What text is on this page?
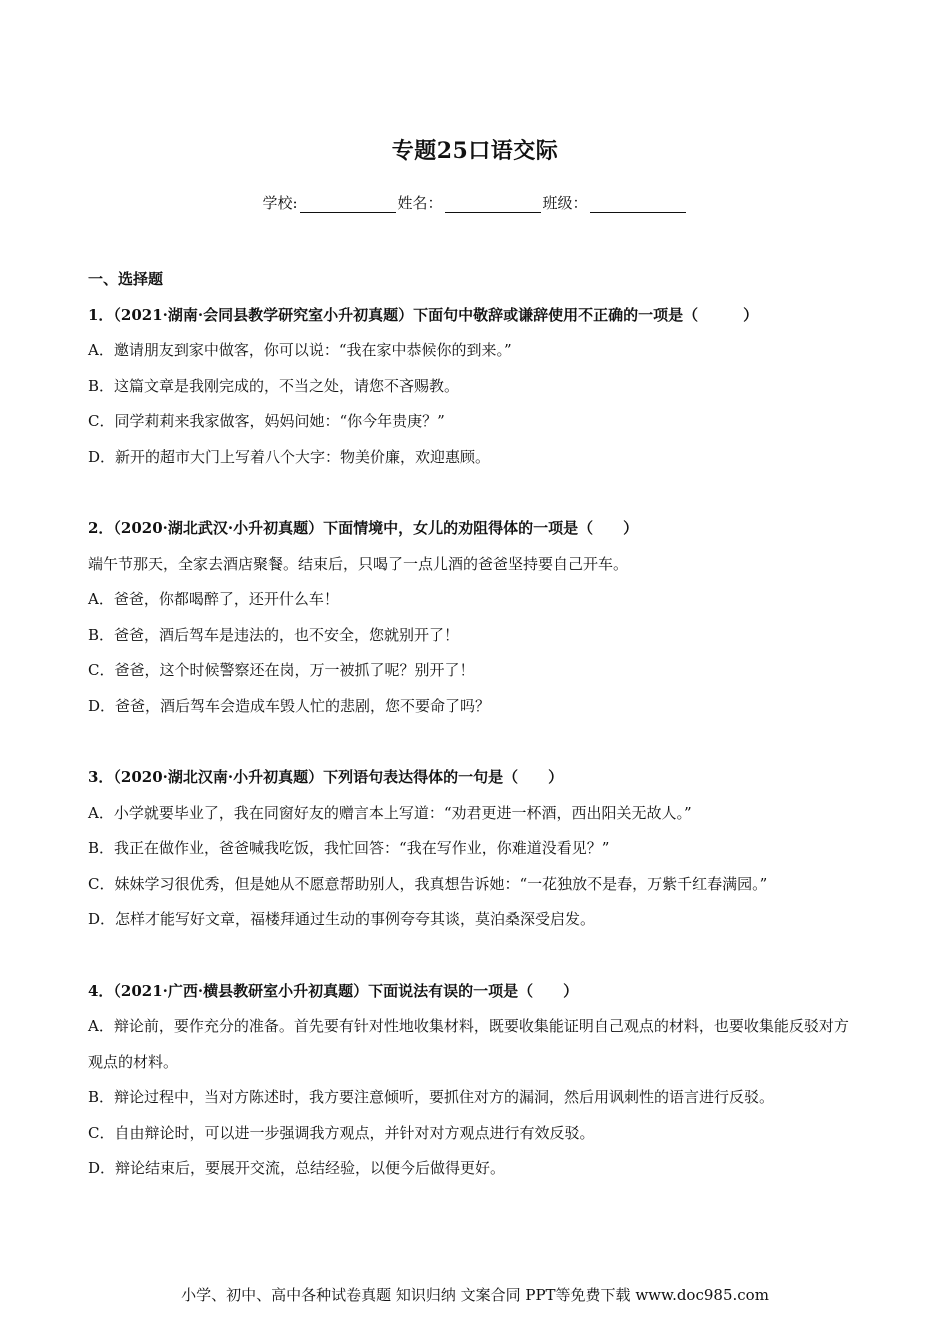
专题25口语交际
学校:	姓名：	班级：
一、选择题
1．（2021·湖南·会同县教学研究室小升初真题）下面句中敬辞或谦辞使用不正确的一项是（　　　）
A．邀请朋友到家中做客，你可以说：“我在家中恭候你的到来。”
B．这篇文章是我刚完成的，不当之处，请您不吝赐教。
C．同学莉莉来我家做客，妈妈问她：“你今年贵庚？”
D．新开的超市大门上写着八个大字：物美价廉，欢迎惠顾。
2．（2020·湖北武汉·小升初真题）下面情境中，女儿的劝阻得体的一项是（　　）
端午节那天，全家去酒店聚餐。结束后，只喝了一点儿酒的爸爸坚持要自己开车。
A．爸爸，你都喝醉了，还开什么车！
B．爸爸，酒后驾车是违法的，也不安全，您就别开了！
C．爸爸，这个时候警察还在岗，万一被抓了呢？别开了！
D．爸爸，酒后驾车会造成车毁人忙的悲剧，您不要命了吗？
3．（2020·湖北汉南·小升初真题）下列语句表达得体的一句是（　　）
A．小学就要毕业了，我在同窗好友的赠言本上写道：“劝君更进一杯酒，西出阳关无故人。”
B．我正在做作业，爸爸喊我吃饭，我忙回答：“我在写作业，你难道没看见？”
C．妹妹学习很优秀，但是她从不愿意帮助别人，我真想告诉她：“一花独放不是春，万紫千红春满园。”
D．怎样才能写好文章，福楼拜通过生动的事例夸夸其谈，莫泊桑深受启发。
4．（2021·广西·横县教研室小升初真题）下面说法有误的一项是（　　）
A．辩论前，要作充分的准备。首先要有针对性地收集材料，既要收集能证明自己观点的材料，也要收集能反驳对方观点的材料。
B．辩论过程中，当对方陈述时，我方要注意倾听，要抓住对方的漏洞，然后用讽刺性的语言进行反驳。
C．自由辩论时，可以进一步强调我方观点，并针对对方观点进行有效反驳。
D．辩论结束后，要展开交流，总结经验，以便今后做得更好。
小学、初中、高中各种试卷真题 知识归纳 文案合同 PPT等免费下载 www.doc985.com
